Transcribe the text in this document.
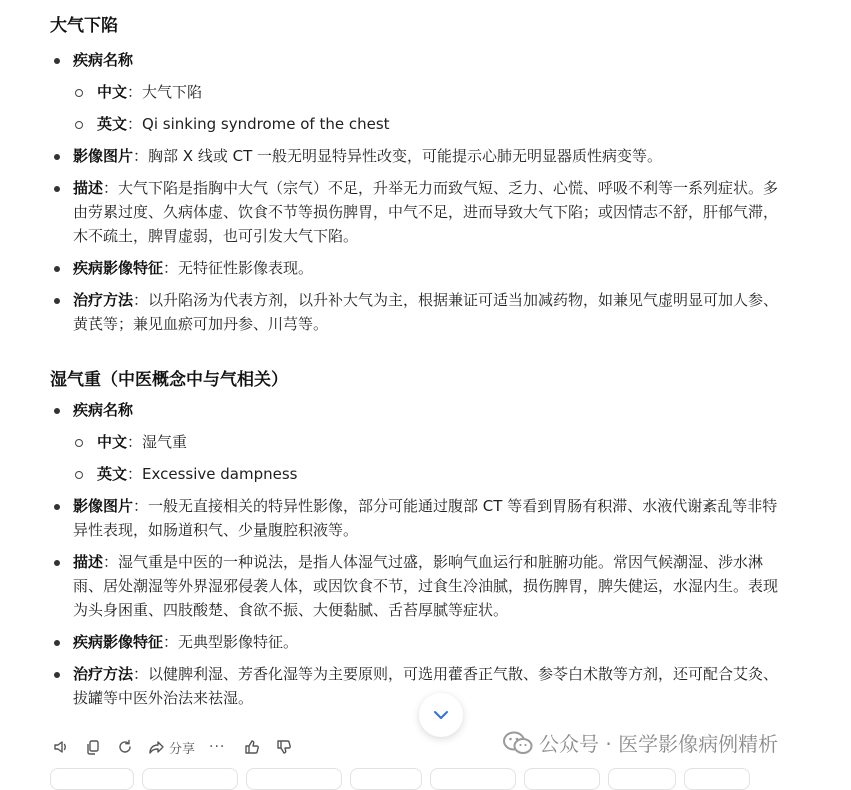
大气下陷
疾病名称
中文：大气下陷
英文：Qi sinking syndrome of the chest
影像图片：胸部 X 线或 CT 一般无明显特异性改变，可能提示心肺无明显器质性病变等。
描述：大气下陷是指胸中大气（宗气）不足，升举无力而致气短、乏力、心慌、呼吸不利等一系列症状。多
由劳累过度、久病体虚、饮食不节等损伤脾胃，中气不足，进而导致大气下陷；或因情志不舒，肝郁气滞，
木不疏土，脾胃虚弱，也可引发大气下陷。
疾病影像特征：无特征性影像表现。
治疗方法：以升陷汤为代表方剂，以升补大气为主，根据兼证可适当加减药物，如兼见气虚明显可加人参、
黄芪等；兼见血瘀可加丹参、川芎等。
湿气重（中医概念中与气相关）
疾病名称
中文：湿气重
英文：Excessive dampness
影像图片：一般无直接相关的特异性影像，部分可能通过腹部 CT 等看到胃肠有积滞、水液代谢紊乱等非特
异性表现，如肠道积气、少量腹腔积液等。
描述：湿气重是中医的一种说法，是指人体湿气过盛，影响气血运行和脏腑功能。常因气候潮湿、涉水淋
雨、居处潮湿等外界湿邪侵袭人体，或因饮食不节，过食生冷油腻，损伤脾胃，脾失健运，水湿内生。表现
为头身困重、四肢酸楚、食欲不振、大便黏腻、舌苔厚腻等症状。
疾病影像特征：无典型影像特征。
治疗方法：以健脾利湿、芳香化湿等为主要原则，可选用藿香正气散、参苓白术散等方剂，还可配合艾灸、
拔罐等中医外治法来祛湿。
分享 ···	公众号 · 医学影像病例精析
